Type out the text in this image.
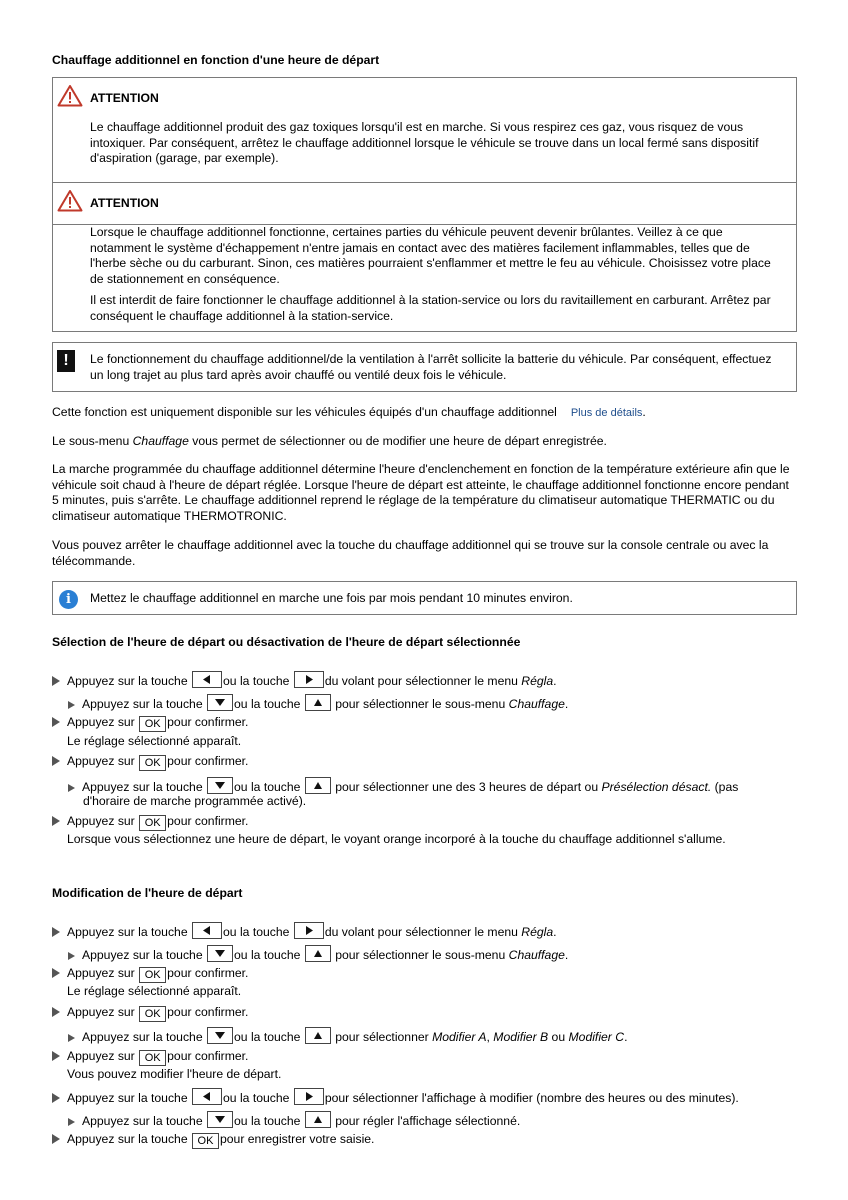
Chauffage additionnel en fonction d'une heure de départ
ATTENTION

Le chauffage additionnel produit des gaz toxiques lorsqu'il est en marche. Si vous respirez ces gaz, vous risquez de vous intoxiquer. Par conséquent, arrêtez le chauffage additionnel lorsque le véhicule se trouve dans un local fermé sans dispositif d'aspiration (garage, par exemple).

ATTENTION

Lorsque le chauffage additionnel fonctionne, certaines parties du véhicule peuvent devenir brûlantes. Veillez à ce que notamment le système d'échappement n'entre jamais en contact avec des matières facilement inflammables, telles que de l'herbe sèche ou du carburant. Sinon, ces matières pourraient s'enflammer et mettre le feu au véhicule. Choisissez votre place de stationnement en conséquence.

Il est interdit de faire fonctionner le chauffage additionnel à la station-service ou lors du ravitaillement en carburant. Arrêtez par conséquent le chauffage additionnel à la station-service.

!	Le fonctionnement du chauffage additionnel/de la ventilation à l'arrêt sollicite la batterie du véhicule. Par conséquent, effectuez un long trajet au plus tard après avoir chauffé ou ventilé deux fois le véhicule.
Cette fonction est uniquement disponible sur les véhicules équipés d'un chauffage additionnel Plus de détails.
Le sous-menu Chauffage vous permet de sélectionner ou de modifier une heure de départ enregistrée.
La marche programmée du chauffage additionnel détermine l'heure d'enclenchement en fonction de la température extérieure afin que le véhicule soit chaud à l'heure de départ réglée. Lorsque l'heure de départ est atteinte, le chauffage additionnel fonctionne encore pendant 5 minutes, puis s'arrête. Le chauffage additionnel reprend le réglage de la température du climatiseur automatique THERMATIC ou du climatiseur automatique THERMOTRONIC.
Vous pouvez arrêter le chauffage additionnel avec la touche du chauffage additionnel qui se trouve sur la console centrale ou avec la télécommande.
i	Mettez le chauffage additionnel en marche une fois par mois pendant 10 minutes environ.
Sélection de l'heure de départ ou désactivation de l'heure de départ sélectionnée
Appuyez sur la touche	ou la touche	du volant pour sélectionner le menu Régla.
Appuyez sur la touche	ou la touche	pour sélectionner le sous-menu Chauffage.
Appuyez sur OK pour confirmer.
Le réglage sélectionné apparaît.
Appuyez sur OK pour confirmer.
Appuyez sur la touche	ou la touche	pour sélectionner une des 3 heures de départ ou Présélection désact. (pas
d'horaire de marche programmée activé).
Appuyez sur OK pour confirmer.
Lorsque vous sélectionnez une heure de départ, le voyant orange incorporé à la touche du chauffage additionnel s'allume.
Modification de l'heure de départ
Appuyez sur la touche	ou la touche	du volant pour sélectionner le menu Régla.
Appuyez sur la touche	ou la touche	pour sélectionner le sous-menu Chauffage.
Appuyez sur OK pour confirmer.
Le réglage sélectionné apparaît.
Appuyez sur OK pour confirmer.
Appuyez sur la touche	ou la touche	pour sélectionner Modifier A, Modifier B ou Modifier C.
Appuyez sur OK pour confirmer.
Vous pouvez modifier l'heure de départ.
Appuyez sur la touche	ou la touche	pour sélectionner l'affichage à modifier (nombre des heures ou des minutes).
Appuyez sur la touche	ou la touche	pour régler l'affichage sélectionné.
Appuyez sur la touche OK pour enregistrer votre saisie.
